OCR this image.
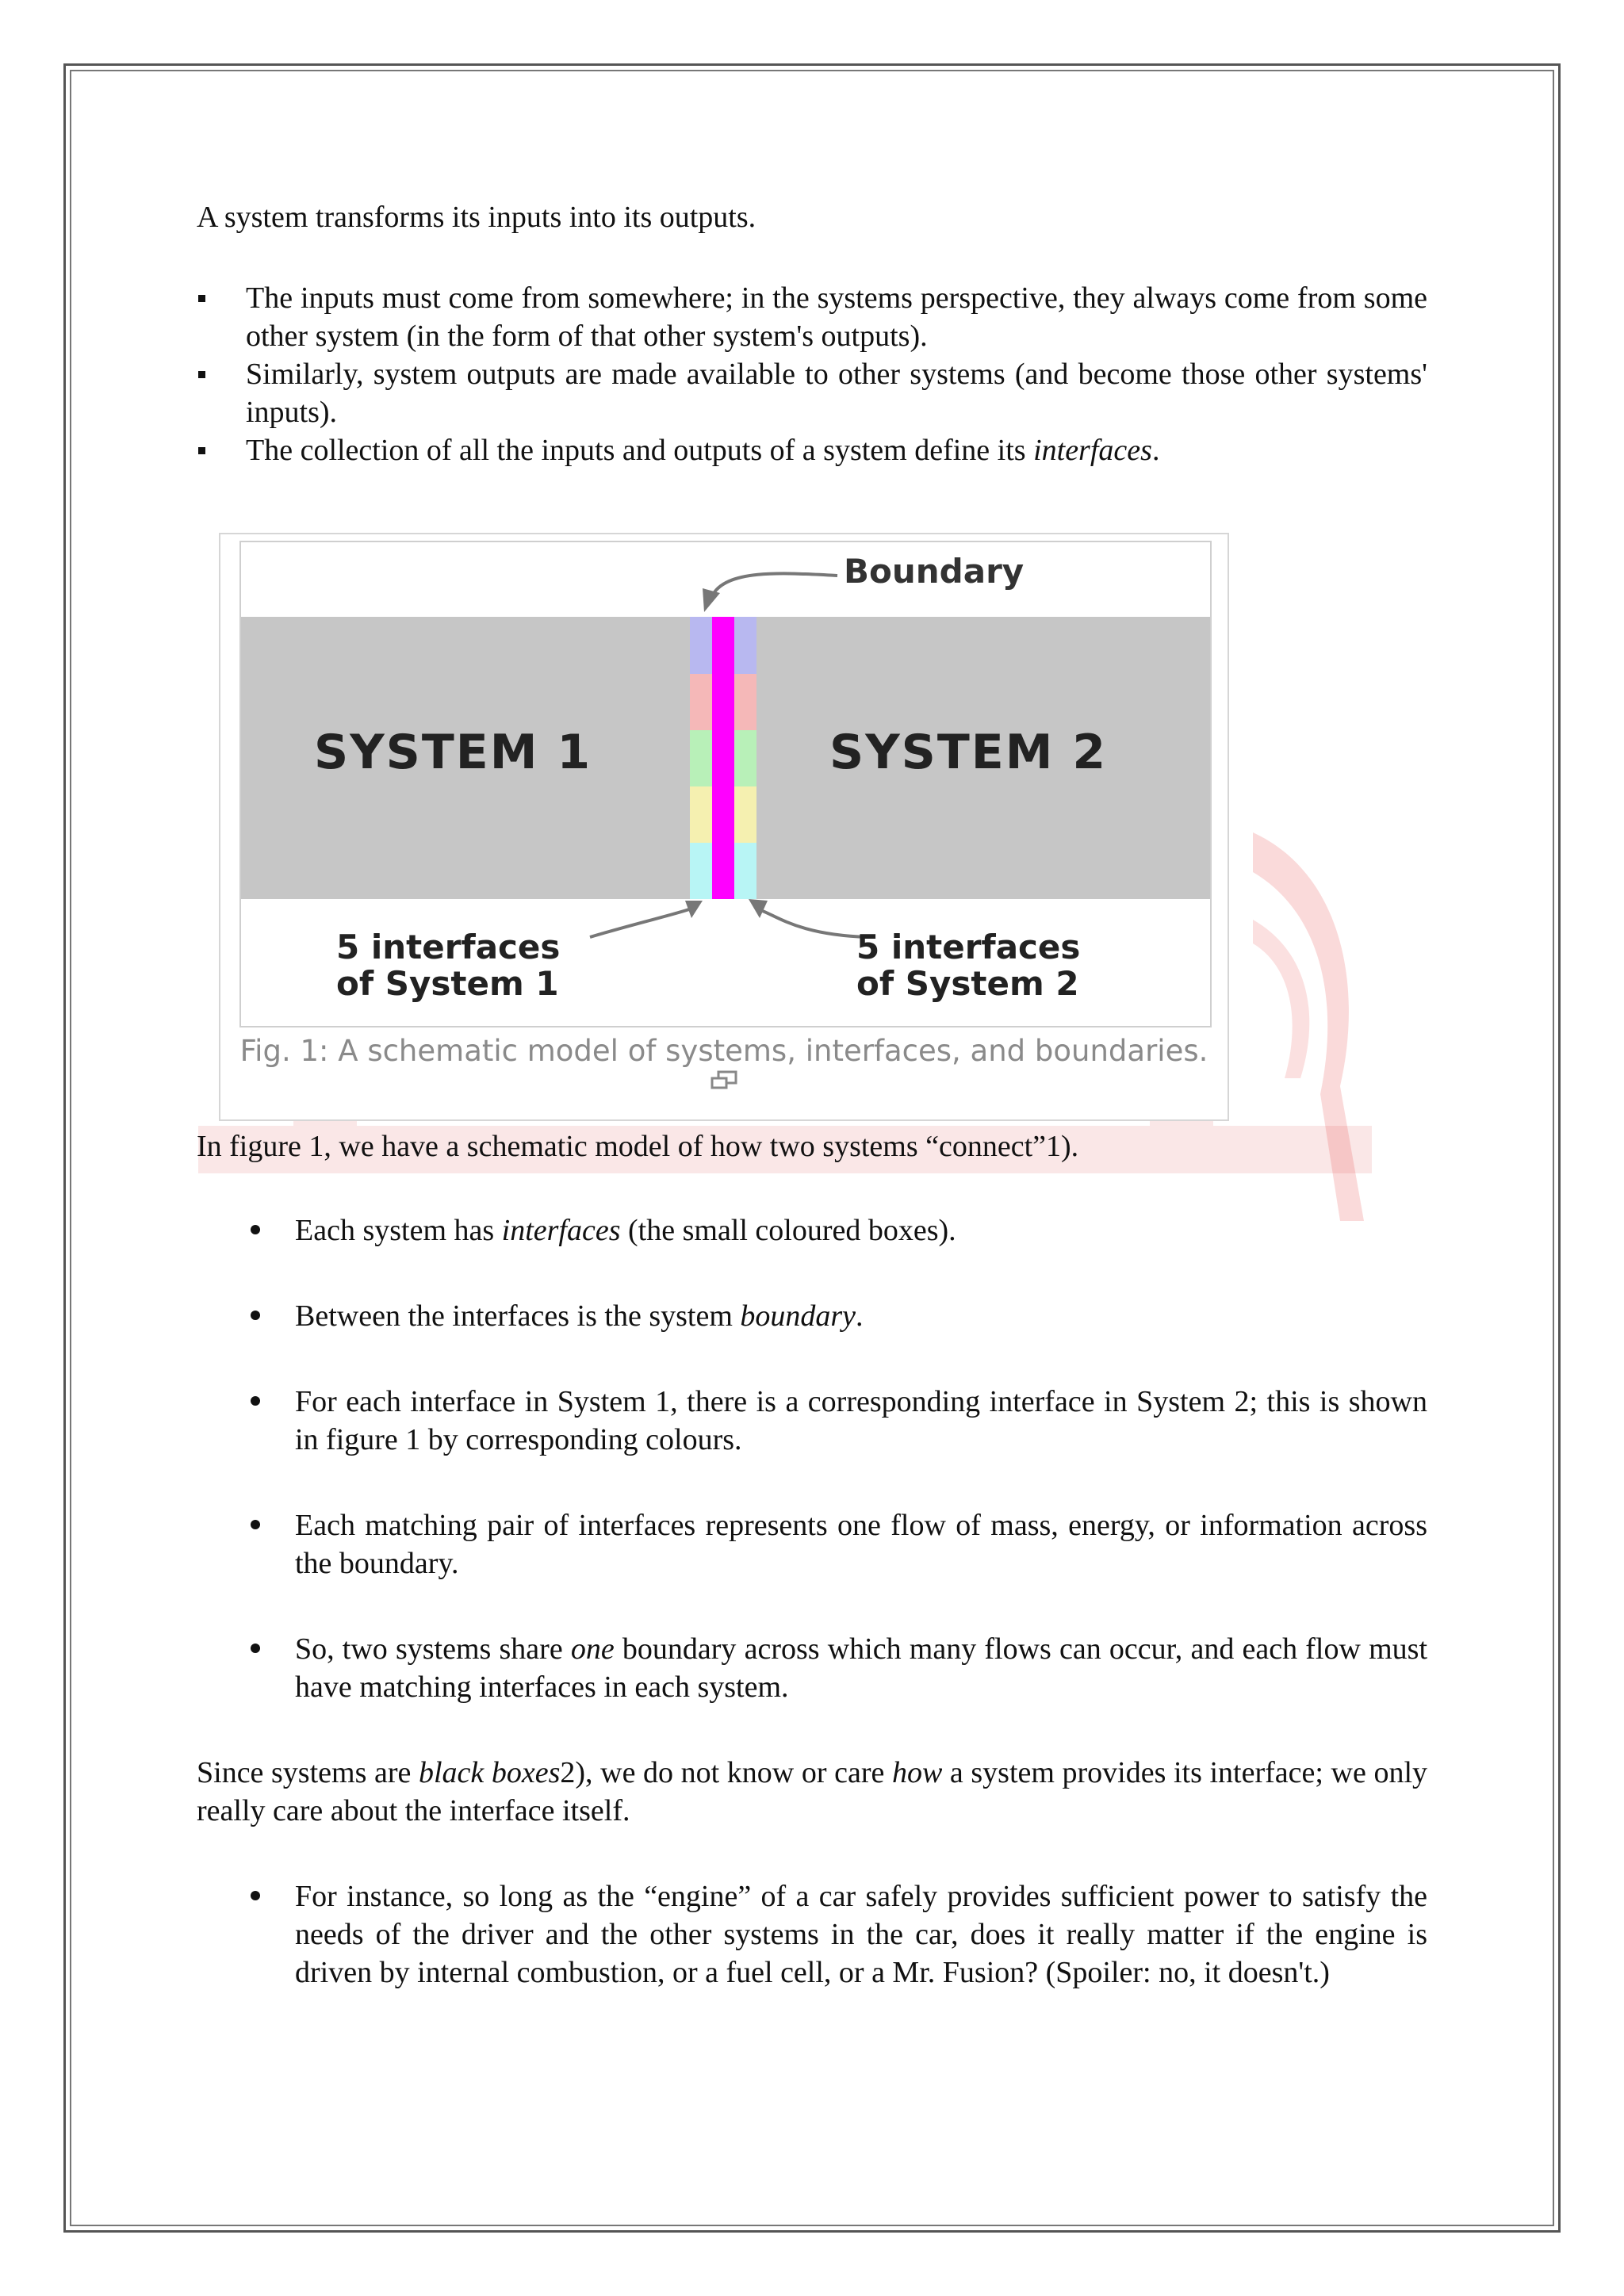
A system transforms its inputs into its outputs.
The inputs must come from somewhere; in the systems perspective, they always come from some other system (in the form of that other system's outputs).
Similarly, system outputs are made available to other systems (and become those other systems' inputs).
The collection of all the inputs and outputs of a system define its interfaces.
Boundary
SYSTEM 1	SYSTEM 2
5 interfaces
of System 1
5 interfaces
of System 2
Fig. 1: A schematic model of systems, interfaces, and boundaries.
In figure 1, we have a schematic model of how two systems “connect”1).
Each system has interfaces (the small coloured boxes).
Between the interfaces is the system boundary.
For each interface in System 1, there is a corresponding interface in System 2; this is shown in figure 1 by corresponding colours.
Each matching pair of interfaces represents one flow of mass, energy, or information across the boundary.
So, two systems share one boundary across which many flows can occur, and each flow must have matching interfaces in each system.
Since systems are black boxes2), we do not know or care how a system provides its interface; we only really care about the interface itself.
For instance, so long as the “engine” of a car safely provides sufficient power to satisfy the needs of the driver and the other systems in the car, does it really matter if the engine is driven by internal combustion, or a fuel cell, or a Mr. Fusion? (Spoiler: no, it doesn't.)
